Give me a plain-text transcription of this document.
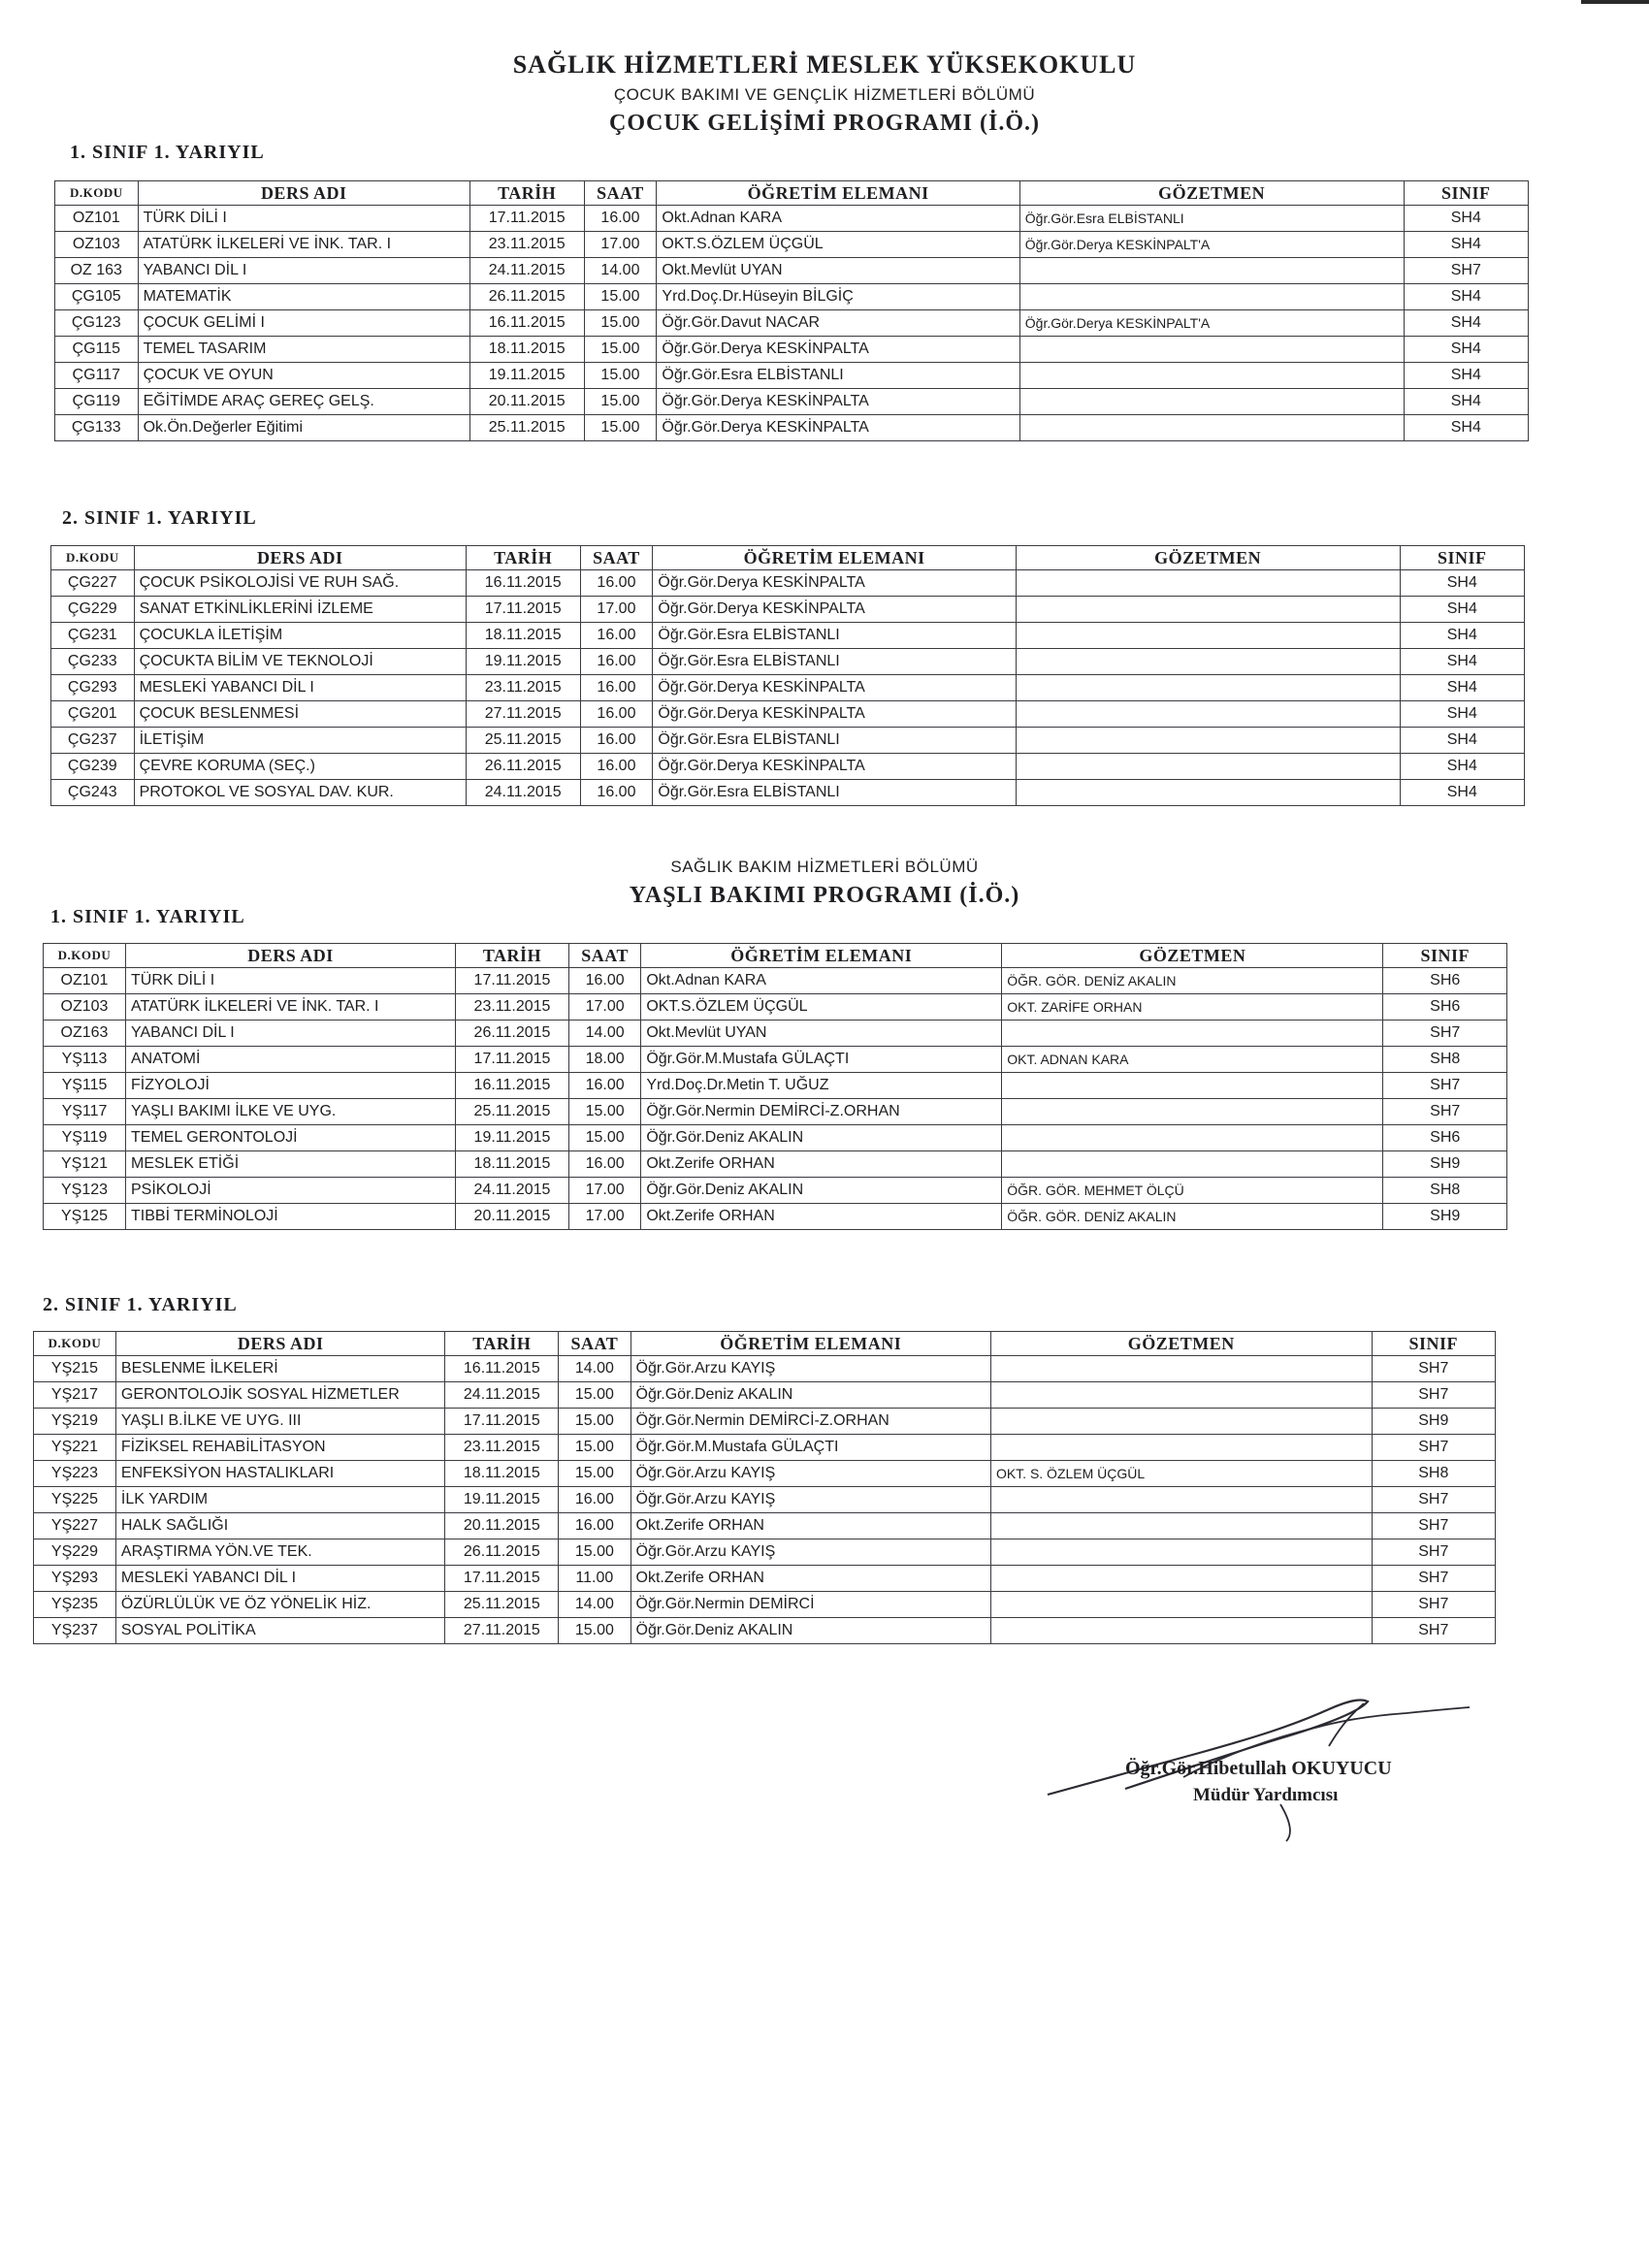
SAĞLIK HİZMETLERİ MESLEK YÜKSEKOKULU
ÇOCUK BAKIMI VE GENÇLİK HİZMETLERİ BÖLÜMÜ
ÇOCUK GELİŞİMİ PROGRAMI (İ.Ö.)
1. SINIF 1. YARIYIL
D.KODU	DERS ADI	TARİH	SAAT	ÖĞRETİM ELEMANI	GÖZETMEN	SINIF
OZ101	TÜRK DİLİ I	17.11.2015	16.00	Okt.Adnan KARA	Öğr.Gör.Esra ELBİSTANLI	SH4
OZ103	ATATÜRK İLKELERİ VE İNK. TAR. I	23.11.2015	17.00	OKT.S.ÖZLEM ÜÇGÜL	Öğr.Gör.Derya KESKİNPALT'A	SH4
OZ 163	YABANCI DİL I	24.11.2015	14.00	Okt.Mevlüt UYAN		SH7
ÇG105	MATEMATİK	26.11.2015	15.00	Yrd.Doç.Dr.Hüseyin BİLGİÇ		SH4
ÇG123	ÇOCUK GELİMİ I	16.11.2015	15.00	Öğr.Gör.Davut NACAR	Öğr.Gör.Derya KESKİNPALT'A	SH4
ÇG115	TEMEL TASARIM	18.11.2015	15.00	Öğr.Gör.Derya KESKİNPALTA		SH4
ÇG117	ÇOCUK VE OYUN	19.11.2015	15.00	Öğr.Gör.Esra ELBİSTANLI		SH4
ÇG119	EĞİTİMDE ARAÇ GEREÇ GELŞ.	20.11.2015	15.00	Öğr.Gör.Derya KESKİNPALTA		SH4
ÇG133	Ok.Ön.Değerler Eğitimi	25.11.2015	15.00	Öğr.Gör.Derya KESKİNPALTA		SH4
2. SINIF 1. YARIYIL
D.KODU	DERS ADI	TARİH	SAAT	ÖĞRETİM ELEMANI	GÖZETMEN	SINIF
ÇG227	ÇOCUK PSİKOLOJİSİ VE RUH SAĞ.	16.11.2015	16.00	Öğr.Gör.Derya KESKİNPALTA		SH4
ÇG229	SANAT ETKİNLİKLERİNİ İZLEME	17.11.2015	17.00	Öğr.Gör.Derya KESKİNPALTA		SH4
ÇG231	ÇOCUKLA İLETİŞİM	18.11.2015	16.00	Öğr.Gör.Esra ELBİSTANLI		SH4
ÇG233	ÇOCUKTA BİLİM VE TEKNOLOJİ	19.11.2015	16.00	Öğr.Gör.Esra ELBİSTANLI		SH4
ÇG293	MESLEKİ YABANCI DİL I	23.11.2015	16.00	Öğr.Gör.Derya KESKİNPALTA		SH4
ÇG201	ÇOCUK BESLENMESİ	27.11.2015	16.00	Öğr.Gör.Derya KESKİNPALTA		SH4
ÇG237	İLETİŞİM	25.11.2015	16.00	Öğr.Gör.Esra ELBİSTANLI		SH4
ÇG239	ÇEVRE KORUMA (SEÇ.)	26.11.2015	16.00	Öğr.Gör.Derya KESKİNPALTA		SH4
ÇG243	PROTOKOL VE SOSYAL DAV. KUR.	24.11.2015	16.00	Öğr.Gör.Esra ELBİSTANLI		SH4
SAĞLIK BAKIM HİZMETLERİ BÖLÜMÜ
YAŞLI BAKIMI PROGRAMI (İ.Ö.)
1. SINIF 1. YARIYIL
D.KODU	DERS ADI	TARİH	SAAT	ÖĞRETİM ELEMANI	GÖZETMEN	SINIF
OZ101	TÜRK DİLİ I	17.11.2015	16.00	Okt.Adnan KARA	ÖĞR. GÖR. DENİZ AKALIN	SH6
OZ103	ATATÜRK İLKELERİ VE İNK. TAR. I	23.11.2015	17.00	OKT.S.ÖZLEM ÜÇGÜL	OKT. ZARİFE ORHAN	SH6
OZ163	YABANCI DİL I	26.11.2015	14.00	Okt.Mevlüt UYAN		SH7
YŞ113	ANATOMİ	17.11.2015	18.00	Öğr.Gör.M.Mustafa GÜLAÇTI	OKT. ADNAN KARA	SH8
YŞ115	FİZYOLOJİ	16.11.2015	16.00	Yrd.Doç.Dr.Metin T. UĞUZ		SH7
YŞ117	YAŞLI BAKIMI İLKE VE UYG.	25.11.2015	15.00	Öğr.Gör.Nermin DEMİRCİ-Z.ORHAN		SH7
YŞ119	TEMEL GERONTOLOJİ	19.11.2015	15.00	Öğr.Gör.Deniz AKALIN		SH6
YŞ121	MESLEK ETİĞİ	18.11.2015	16.00	Okt.Zerife ORHAN		SH9
YŞ123	PSİKOLOJİ	24.11.2015	17.00	Öğr.Gör.Deniz AKALIN	ÖĞR. GÖR. MEHMET ÖLÇÜ	SH8
YŞ125	TIBBİ TERMİNOLOJİ	20.11.2015	17.00	Okt.Zerife ORHAN	ÖĞR. GÖR. DENİZ AKALIN	SH9
2. SINIF 1. YARIYIL
D.KODU	DERS ADI	TARİH	SAAT	ÖĞRETİM ELEMANI	GÖZETMEN	SINIF
YŞ215	BESLENME İLKELERİ	16.11.2015	14.00	Öğr.Gör.Arzu KAYIŞ		SH7
YŞ217	GERONTOLOJİK SOSYAL HİZMETLER	24.11.2015	15.00	Öğr.Gör.Deniz AKALIN		SH7
YŞ219	YAŞLI B.İLKE VE UYG. III	17.11.2015	15.00	Öğr.Gör.Nermin DEMİRCİ-Z.ORHAN		SH9
YŞ221	FİZİKSEL REHABİLİTASYON	23.11.2015	15.00	Öğr.Gör.M.Mustafa GÜLAÇTI		SH7
YŞ223	ENFEKSİYON HASTALIKLARI	18.11.2015	15.00	Öğr.Gör.Arzu KAYIŞ	OKT. S. ÖZLEM ÜÇGÜL	SH8
YŞ225	İLK YARDIM	19.11.2015	16.00	Öğr.Gör.Arzu KAYIŞ		SH7
YŞ227	HALK SAĞLIĞI	20.11.2015	16.00	Okt.Zerife ORHAN		SH7
YŞ229	ARAŞTIRMA YÖN.VE TEK.	26.11.2015	15.00	Öğr.Gör.Arzu KAYIŞ		SH7
YŞ293	MESLEKİ YABANCI DİL I	17.11.2015	11.00	Okt.Zerife ORHAN		SH7
YŞ235	ÖZÜRLÜLÜK VE ÖZ YÖNELİK HİZ.	25.11.2015	14.00	Öğr.Gör.Nermin DEMİRCİ		SH7
YŞ237	SOSYAL POLİTİKA	27.11.2015	15.00	Öğr.Gör.Deniz AKALIN		SH7
Öğr.Gör.Hibetullah OKUYUCU
Müdür Yardımcısı
